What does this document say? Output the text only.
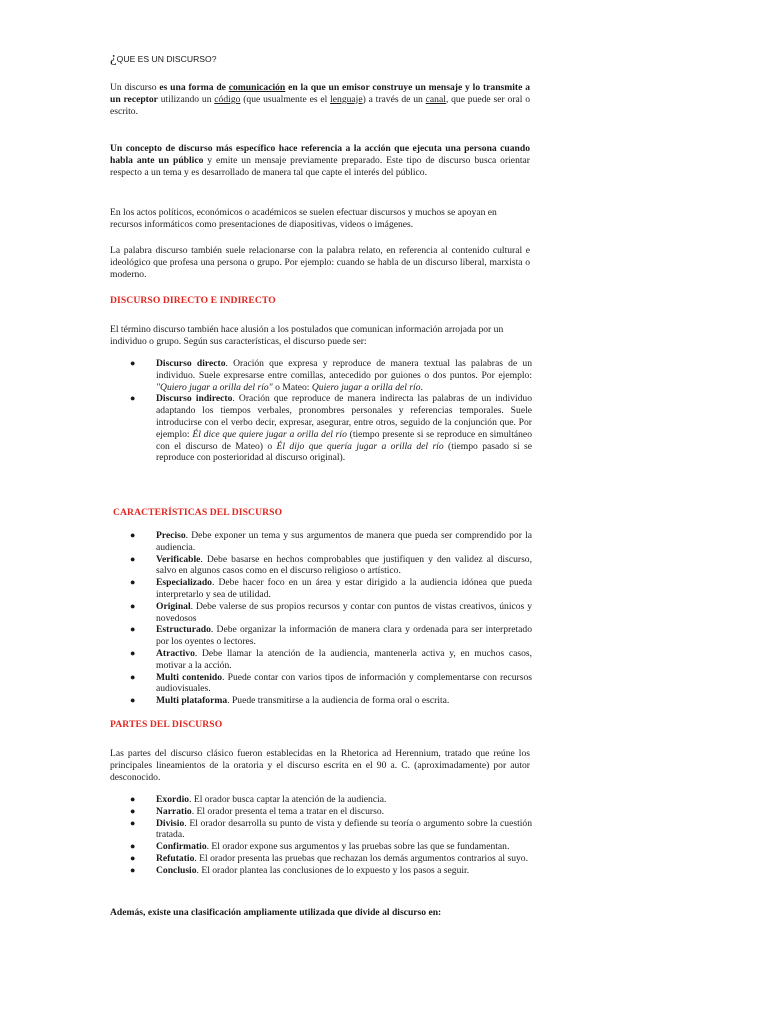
¿QUE ES UN DISCURSO?
Un discurso es una forma de comunicación en la que un emisor construye un mensaje y lo transmite a un receptor utilizando un código (que usualmente es el lenguaje) a través de un canal, que puede ser oral o escrito.
Un concepto de discurso más específico hace referencia a la acción que ejecuta una persona cuando habla ante un público y emite un mensaje previamente preparado. Este tipo de discurso busca orientar respecto a un tema y es desarrollado de manera tal que capte el interés del público.
En los actos políticos, económicos o académicos se suelen efectuar discursos y muchos se apoyan en recursos informáticos como presentaciones de diapositivas, videos o imágenes.
La palabra discurso también suele relacionarse con la palabra relato, en referencia al contenido cultural e ideológico que profesa una persona o grupo. Por ejemplo: cuando se habla de un discurso liberal, marxista o moderno.
DISCURSO DIRECTO E INDIRECTO
El término discurso también hace alusión a los postulados que comunican información arrojada por un individuo o grupo. Según sus características, el discurso puede ser:
● Discurso directo. Oración que expresa y reproduce de manera textual las palabras de un individuo. Suele expresarse entre comillas, antecedido por guiones o dos puntos. Por ejemplo: "Quiero jugar a orilla del río" o Mateo: Quiero jugar a orilla del río.
● Discurso indirecto. Oración que reproduce de manera indirecta las palabras de un individuo adaptando los tiempos verbales, pronombres personales y referencias temporales. Suele introducirse con el verbo decir, expresar, asegurar, entre otros, seguido de la conjunción que. Por ejemplo: Él dice que quiere jugar a orilla del río (tiempo presente si se reproduce en simultáneo con el discurso de Mateo) o Él dijo que quería jugar a orilla del río (tiempo pasado si se reproduce con posterioridad al discurso original).
CARACTERÍSTICAS DEL DISCURSO
● Preciso. Debe exponer un tema y sus argumentos de manera que pueda ser comprendido por la audiencia.
● Verificable. Debe basarse en hechos comprobables que justifiquen y den validez al discurso, salvo en algunos casos como en el discurso religioso o artístico.
● Especializado. Debe hacer foco en un área y estar dirigido a la audiencia idónea que pueda interpretarlo y sea de utilidad.
● Original. Debe valerse de sus propios recursos y contar con puntos de vistas creativos, únicos y novedosos
● Estructurado. Debe organizar la información de manera clara y ordenada para ser interpretado por los oyentes o lectores.
● Atractivo. Debe llamar la atención de la audiencia, mantenerla activa y, en muchos casos, motivar a la acción.
● Multi contenido. Puede contar con varios tipos de información y complementarse con recursos audiovisuales.
● Multi plataforma. Puede transmitirse a la audiencia de forma oral o escrita.
PARTES DEL DISCURSO
Las partes del discurso clásico fueron establecidas en la Rhetorica ad Herennium, tratado que reúne los principales lineamientos de la oratoria y el discurso escrita en el 90 a. C. (aproximadamente) por autor desconocido.
● Exordio. El orador busca captar la atención de la audiencia.
● Narratio. El orador presenta el tema a tratar en el discurso.
● Divisio. El orador desarrolla su punto de vista y defiende su teoría o argumento sobre la cuestión tratada.
● Confirmatio. El orador expone sus argumentos y las pruebas sobre las que se fundamentan.
● Refutatio. El orador presenta las pruebas que rechazan los demás argumentos contrarios al suyo.
● Conclusio. El orador plantea las conclusiones de lo expuesto y los pasos a seguir.
Además, existe una clasificación ampliamente utilizada que divide al discurso en:
